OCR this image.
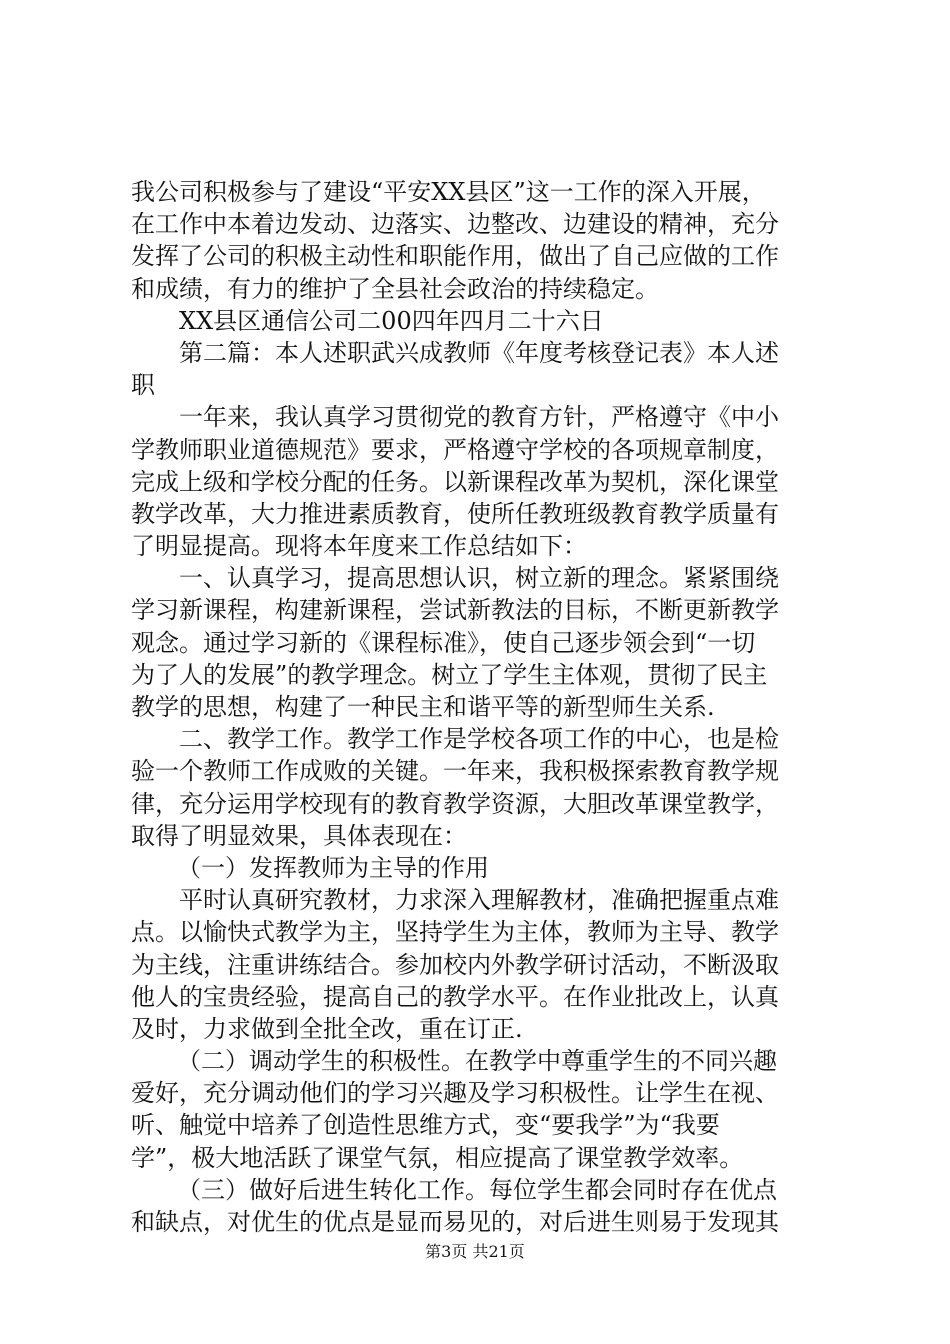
我公司积极参与了建设“平安XX县区”这一工作的深入开展，
在工作中本着边发动、边落实、边整改、边建设的精神，充分
发挥了公司的积极主动性和职能作用，做出了自己应做的工作
和成绩，有力的维护了全县社会政治的持续稳定。
XX县区通信公司二00四年四月二十六日
第二篇：本人述职武兴成教师《年度考核登记表》本人述
职
一年来，我认真学习贯彻党的教育方针，严格遵守《中小
学教师职业道德规范》要求，严格遵守学校的各项规章制度，
完成上级和学校分配的任务。以新课程改革为契机，深化课堂
教学改革，大力推进素质教育，使所任教班级教育教学质量有
了明显提高。现将本年度来工作总结如下：
一、认真学习，提高思想认识，树立新的理念。紧紧围绕
学习新课程，构建新课程，尝试新教法的目标，不断更新教学
观念。通过学习新的《课程标准》，使自己逐步领会到“一切
为了人的发展”的教学理念。树立了学生主体观，贯彻了民主
教学的思想，构建了一种民主和谐平等的新型师生关系.
二、教学工作。教学工作是学校各项工作的中心，也是检
验一个教师工作成败的关键。一年来，我积极探索教育教学规
律，充分运用学校现有的教育教学资源，大胆改革课堂教学，
取得了明显效果，具体表现在：
（一）发挥教师为主导的作用
平时认真研究教材，力求深入理解教材，准确把握重点难
点。以愉快式教学为主，坚持学生为主体，教师为主导、教学
为主线，注重讲练结合。参加校内外教学研讨活动，不断汲取
他人的宝贵经验，提高自己的教学水平。在作业批改上，认真
及时，力求做到全批全改，重在订正.
（二）调动学生的积极性。在教学中尊重学生的不同兴趣
爱好，充分调动他们的学习兴趣及学习积极性。让学生在视、
听、触觉中培养了创造性思维方式，变“要我学”为“我要
学”，极大地活跃了课堂气氛，相应提高了课堂教学效率。
（三）做好后进生转化工作。每位学生都会同时存在优点
和缺点，对优生的优点是显而易见的，对后进生则易于发现其
第3页 共21页
